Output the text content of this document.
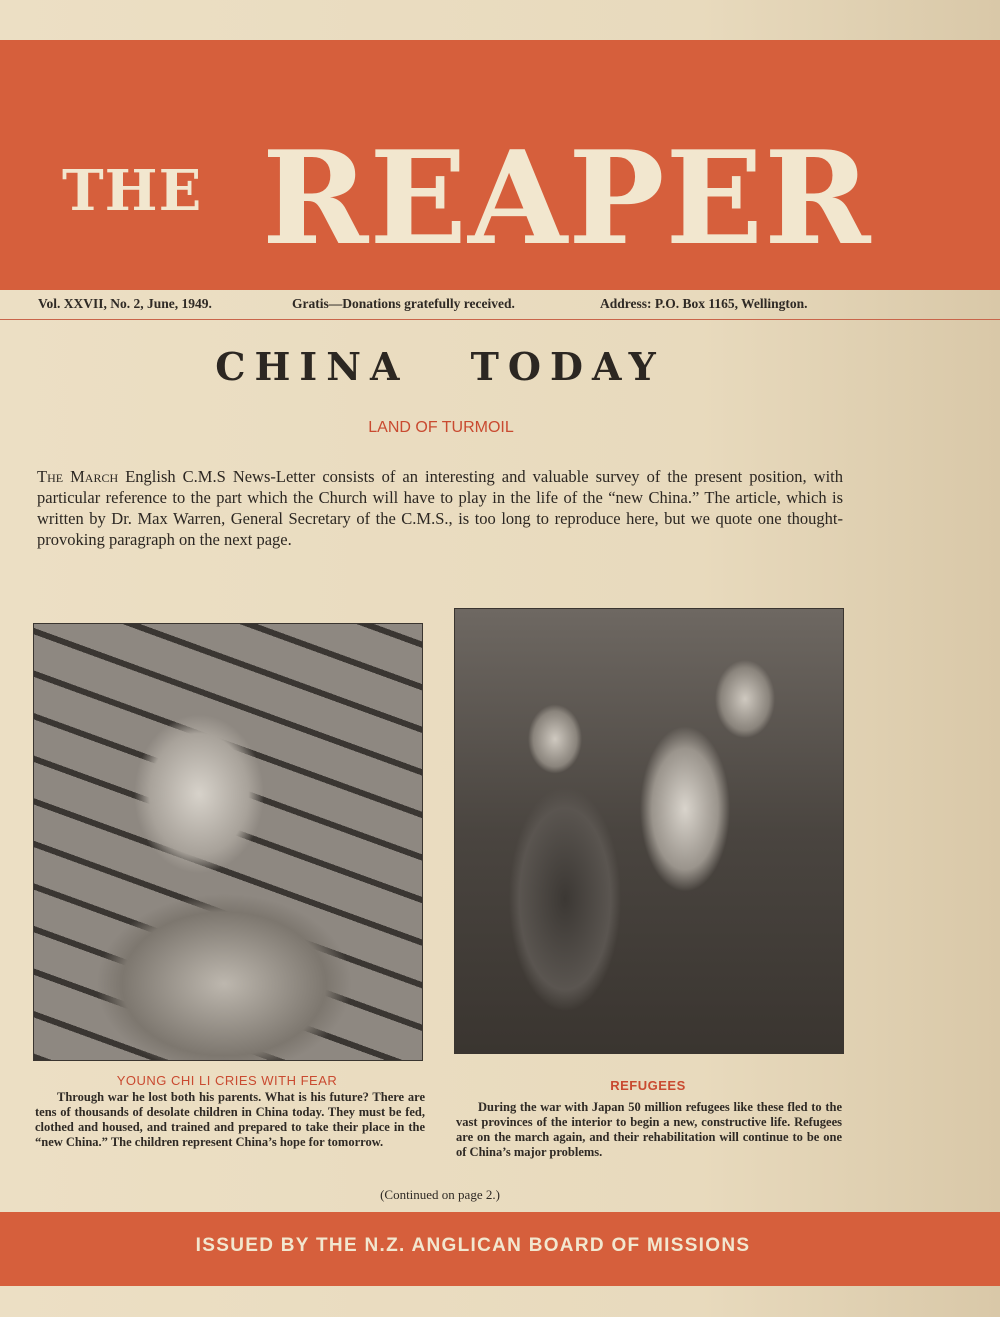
THE REAPER
Vol. XXVII, No. 2, June, 1949.	Gratis—Donations gratefully received.	Address: P.O. Box 1165, Wellington.
CHINA TODAY
LAND OF TURMOIL
The March English C.M.S News-Letter consists of an interesting and valuable survey of the present position, with particular reference to the part which the Church will have to play in the life of the “new China.” The article, which is written by Dr. Max Warren, General Secretary of the C.M.S., is too long to reproduce here, but we quote one thought-provoking paragraph on the next page.
YOUNG CHI LI CRIES WITH FEAR
Through war he lost both his parents. What is his future? There are tens of thousands of desolate children in China today. They must be fed, clothed and housed, and trained and prepared to take their place in the “new China.” The children represent China’s hope for tomorrow.
REFUGEES
During the war with Japan 50 million refugees like these fled to the vast provinces of the interior to begin a new, constructive life. Refugees are on the march again, and their rehabilitation will continue to be one of China’s major problems.
(Continued on page 2.)
ISSUED BY THE N.Z. ANGLICAN BOARD OF MISSIONS
